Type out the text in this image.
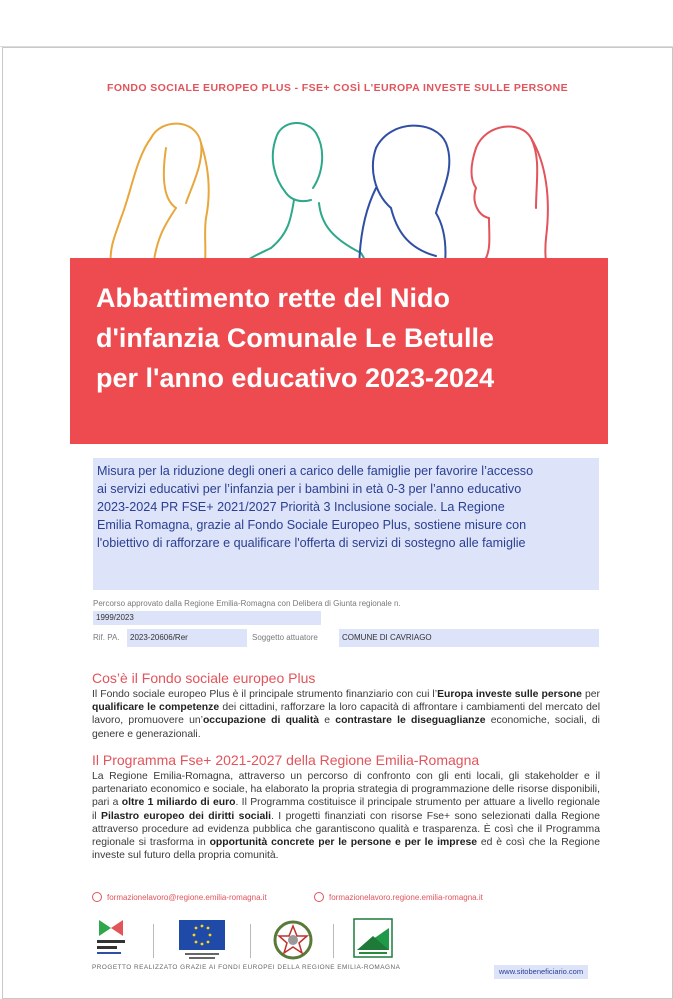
FONDO SOCIALE EUROPEO PLUS - FSE+ COSÌ L'EUROPA INVESTE SULLE PERSONE
Abbattimento rette del Nido
d'infanzia Comunale Le Betulle
per l'anno educativo 2023-2024
Misura per la riduzione degli oneri a carico delle famiglie per favorire l’accesso
ai servizi educativi per l’infanzia per i bambini in età 0-3 per l’anno educativo
2023-2024 PR FSE+ 2021/2027 Priorità 3 Inclusione sociale. La Regione
Emilia Romagna, grazie al Fondo Sociale Europeo Plus, sostiene misure con
l'obiettivo di rafforzare e qualificare l'offerta di servizi di sostegno alle famiglie
Percorso approvato dalla Regione Emilia-Romagna con Delibera di Giunta regionale n.
1999/2023
Rif. PA.	2023-20606/Rer	Soggetto attuatore	COMUNE DI CAVRIAGO
Cos’è il Fondo sociale europeo Plus
Il Fondo sociale europeo Plus è il principale strumento finanziario con cui l’Europa investe sulle persone per qualificare le competenze dei cittadini, rafforzare la loro capacità di affrontare i cambiamenti del mercato del lavoro, promuovere un’occupazione di qualità e contrastare le diseguaglianze economiche, sociali, di genere e generazionali.
Il Programma Fse+ 2021-2027 della Regione Emilia-Romagna
La Regione Emilia-Romagna, attraverso un percorso di confronto con gli enti locali, gli stakeholder e il partenariato economico e sociale, ha elaborato la propria strategia di programmazione delle risorse disponibili, pari a oltre 1 miliardo di euro. Il Programma costituisce il principale strumento per attuare a livello regionale il Pilastro europeo dei diritti sociali. I progetti finanziati con risorse Fse+ sono selezionati dalla Regione attraverso procedure ad evidenza pubblica che garantiscono qualità e trasparenza. È così che il Programma regionale si trasforma in opportunità concrete per le persone e per le imprese ed è così che la Regione investe sul futuro della propria comunità.
formazionelavoro@regione.emilia-romagna.it	formazionelavoro.regione.emilia-romagna.it
PROGETTO REALIZZATO GRAZIE AI FONDI EUROPEI DELLA REGIONE EMILIA-ROMAGNA	www.sitobeneficiario.com
